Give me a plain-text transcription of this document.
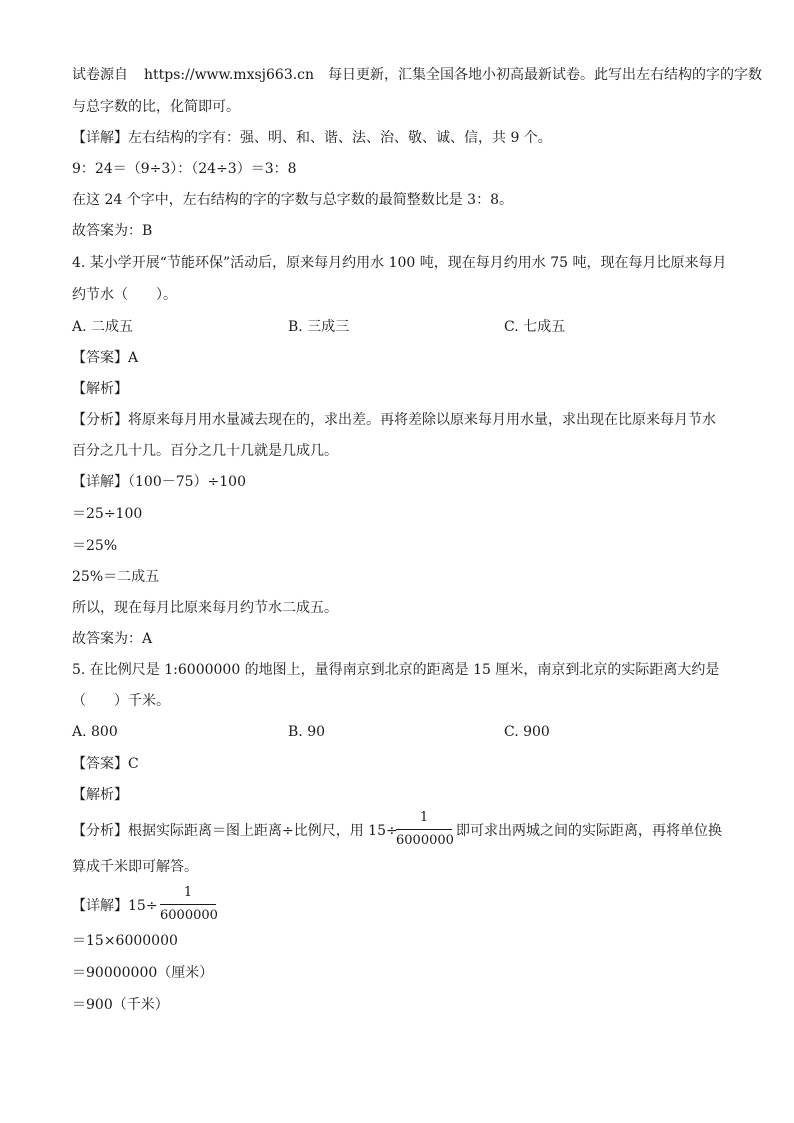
试卷源自 https://www.mxsj663.cn 每日更新，汇集全国各地小初高最新试卷。此写出左右结构的字的字数
与总字数的比，化简即可。
【详解】左右结构的字有：强、明、和、谐、法、治、敬、诚、信，共 9 个。
9：24＝（9÷3）：（24÷3）＝3：8
在这 24 个字中，左右结构的字的字数与总字数的最简整数比是 3：8。
故答案为：B
4. 某小学开展“节能环保”活动后，原来每月约用水 100 吨，现在每月约用水 75 吨，现在每月比原来每月
约节水（　　）。
A. 二成五	B. 三成三	C. 七成五
【答案】A
【解析】
【分析】将原来每月用水量减去现在的，求出差。再将差除以原来每月用水量，求出现在比原来每月节水
百分之几十几。百分之几十几就是几成几。
【详解】（100－75）÷100
＝25÷100
＝25%
25%＝二成五
所以，现在每月比原来每月约节水二成五。
故答案为：A
5. 在比例尺是 1:6000000 的地图上，量得南京到北京的距离是 15 厘米，南京到北京的实际距离大约是
（　　）千米。
A. 800	B. 90	C. 900
【答案】C
【解析】
【分析】根据实际距离＝图上距离÷比例尺，用 15÷
1
6000000
即可求出两城之间的实际距离，再将单位换
算成千米即可解答。
【详解】15÷
1
6000000
＝15×6000000
＝90000000（厘米）
＝900（千米）
